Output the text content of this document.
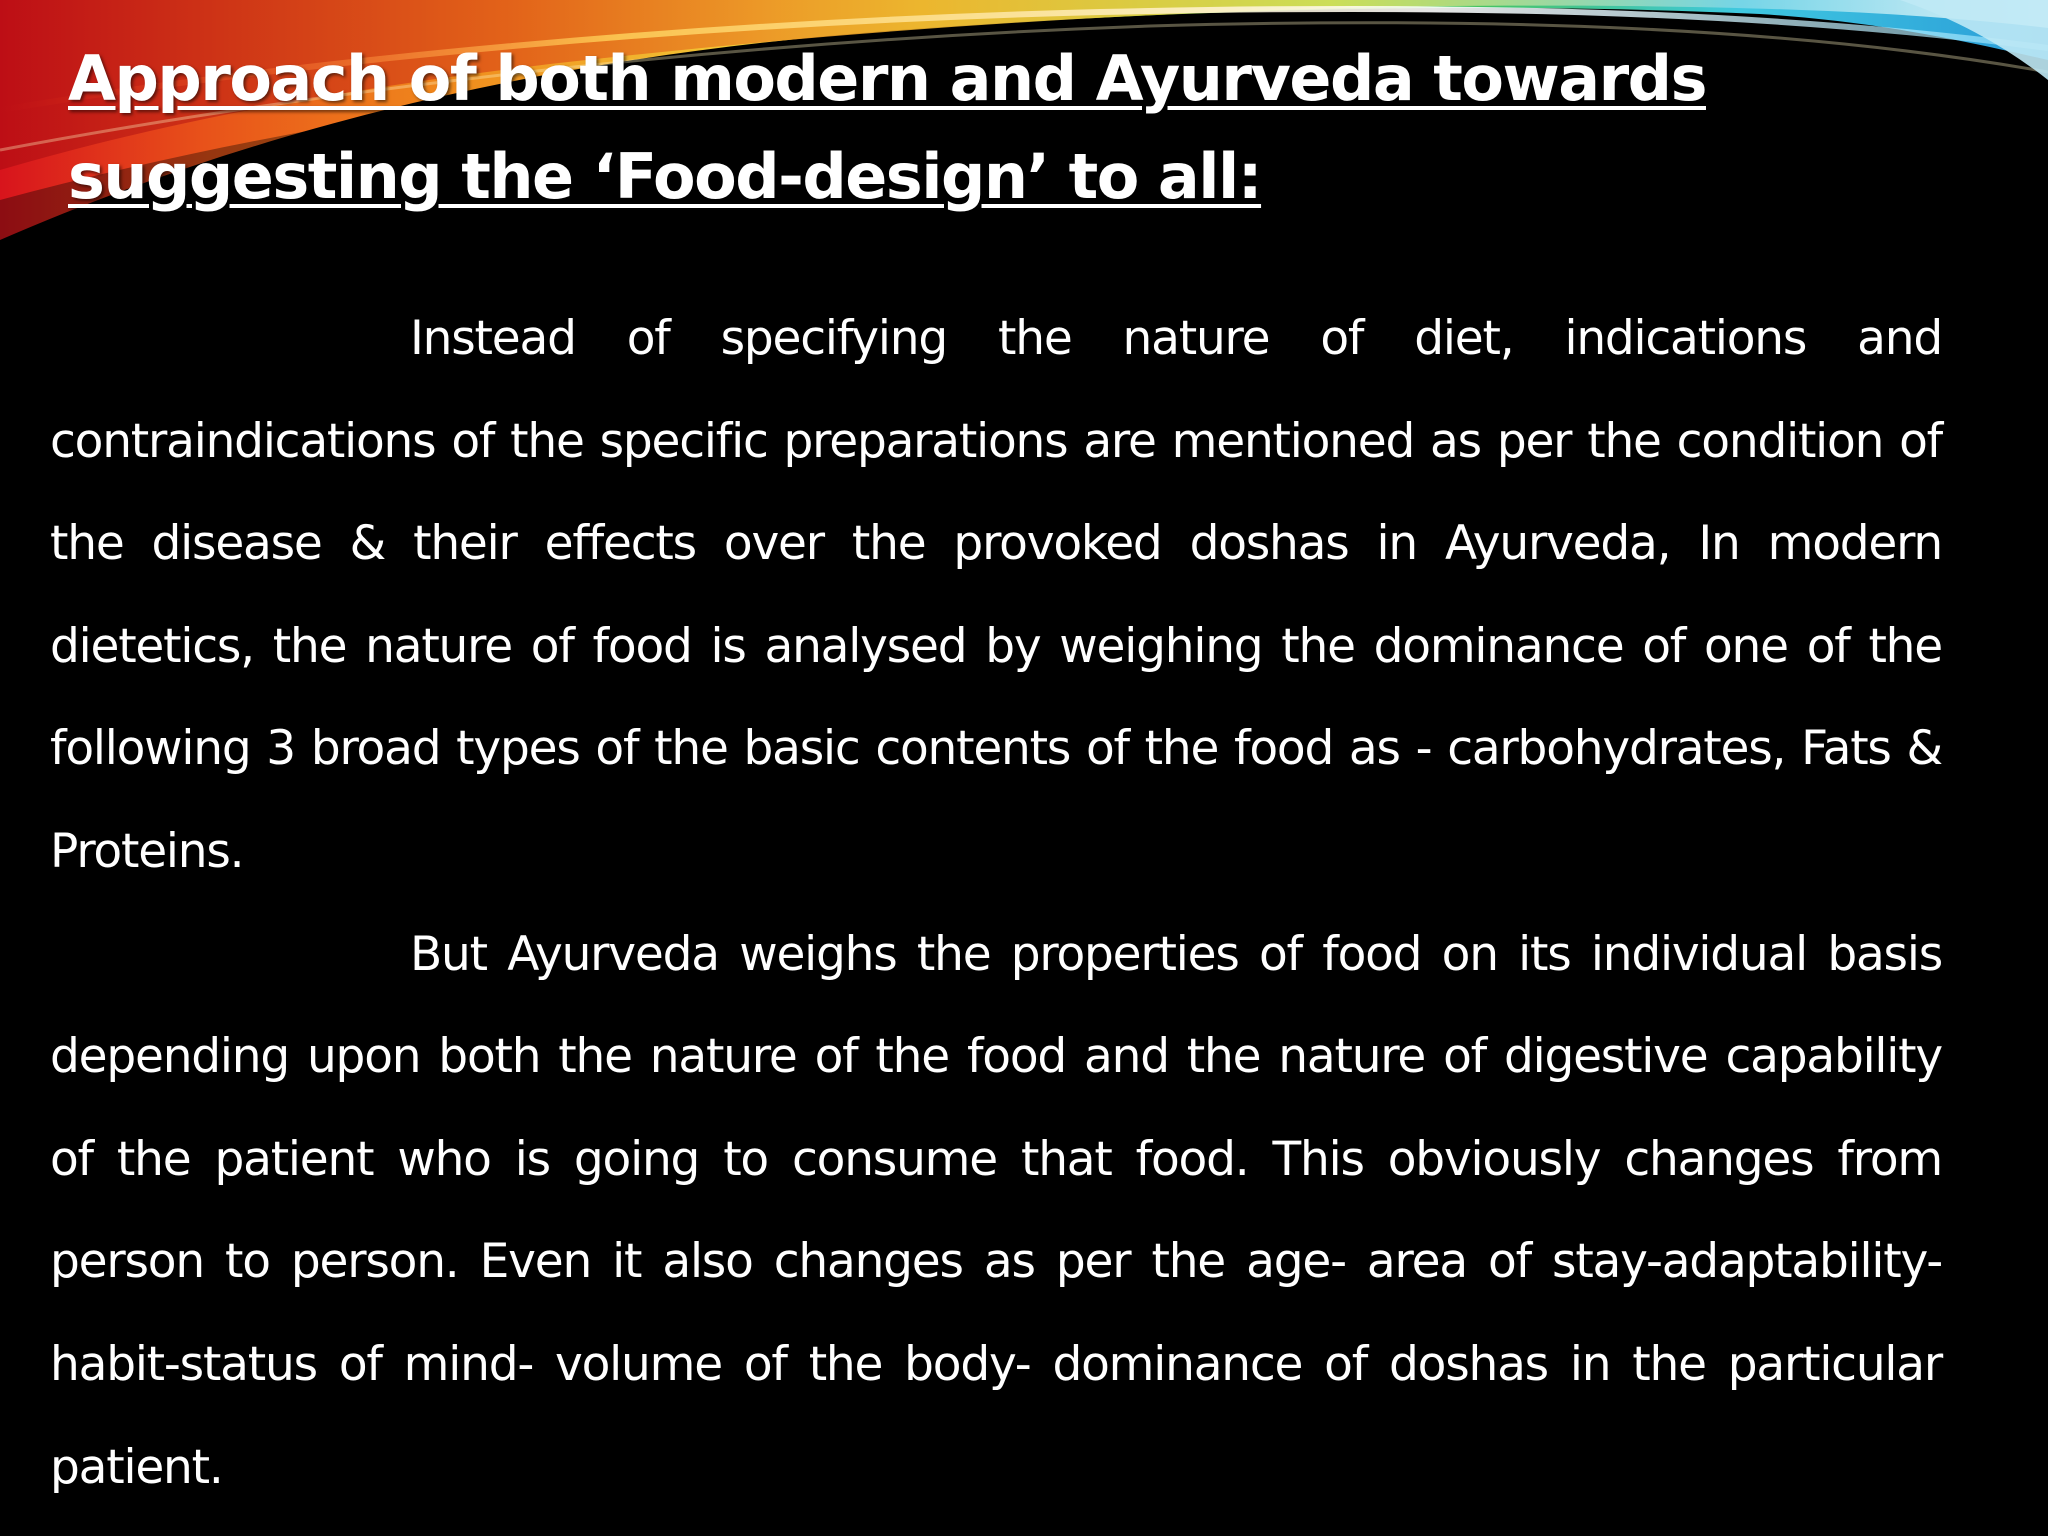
Approach of both modern and Ayurveda towards
suggesting the ‘Food-design’ to all:

Instead of specifying the nature of diet, indications and contraindications of the specific preparations are mentioned as per the condition of the disease & their effects over the provoked doshas in Ayurveda, In modern dietetics, the nature of food is analysed by weighing the dominance of one of the following 3 broad types of the basic contents of the food as - carbohydrates, Fats & Proteins.

But Ayurveda weighs the properties of food on its individual basis depending upon both the nature of the food and the nature of digestive capability of the patient who is going to consume that food. This obviously changes from person to person. Even it also changes as per the age- area of stay-adaptability-habit-status of mind- volume of the body- dominance of doshas in the particular patient.
